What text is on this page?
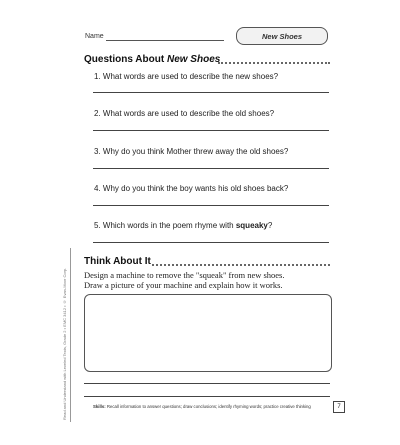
Name	New Shoes
Questions About New Shoes
1. What words are used to describe the new shoes?
2. What words are used to describe the old shoes?
3. Why do you think Mother threw away the old shoes?
4. Why do you think the boy wants his old shoes back?
5. Which words in the poem rhyme with squeaky?
Read and Understand with Leveled Texts, Grade 2 • EMC 3412 • © Evan-Moor Corp.
Think About It
Design a machine to remove the "squeak" from new shoes.
Draw a picture of your machine and explain how it works.
Skills: Recall information to answer questions; draw conclusions; identify rhyming words; practice creative thinking	7
